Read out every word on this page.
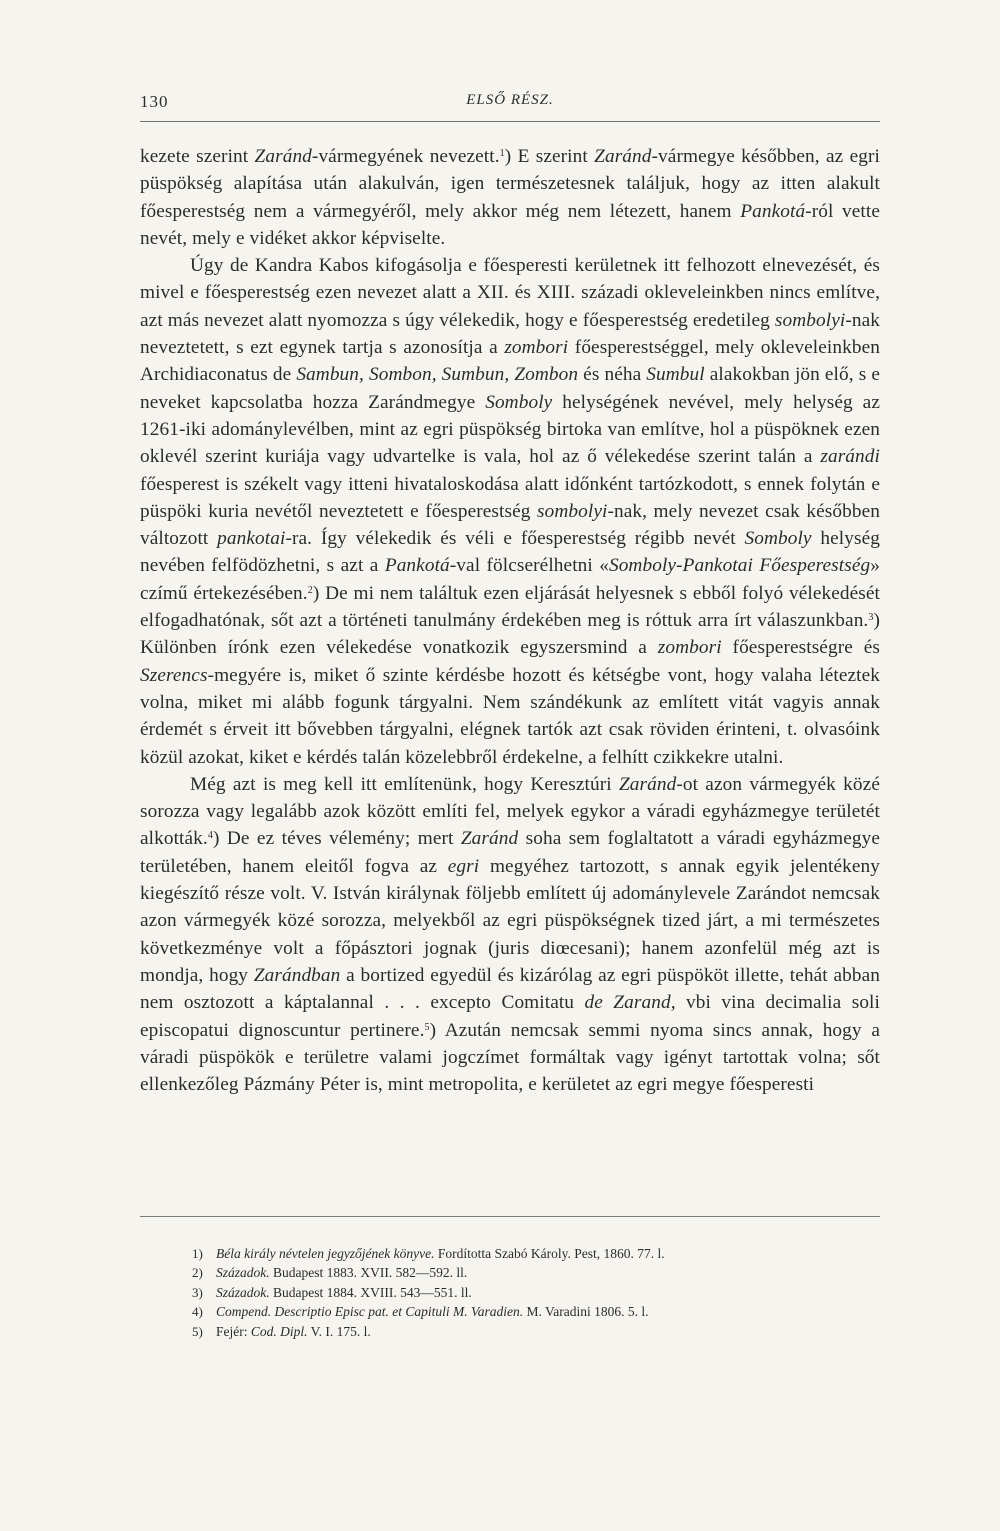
130	ELSŐ RÉSZ.

kezete szerint Zaránd-vármegyének nevezett.$^1$) E szerint Zaránd-vármegye későbben, az egri püspökség alapítása után alakulván, igen természetesnek találjuk, hogy az itten alakult főesperestség nem a vármegyéről, mely akkor még nem létezett, hanem Pankotá-ról vette nevét, mely e vidéket akkor képviselte.

Úgy de Kandra Kabos kifogásolja e főesperesti kerületnek itt felhozott elnevezését, és mivel e főesperestség ezen nevezet alatt a XII. és XIII. századi okleveleinkben nincs említve, azt más nevezet alatt nyomozza s úgy vélekedik, hogy e főesperestség eredetileg sombolyi-nak neveztetett, s ezt egynek tartja s azonosítja a zombori főesperestséggel, mely okleveleinkben Archidiaconatus de Sambun, Sombon, Sumbun, Zombon és néha Sumbul alakokban jön elő, s e neveket kapcsolatba hozza Zarándmegye Somboly helységének nevével, mely helység az 1261-iki adománylevélben, mint az egri püspökség birtoka van említve, hol a püspöknek ezen oklevél szerint kuriája vagy udvartelke is vala, hol az ő vélekedése szerint talán a zarándi főesperest is székelt vagy itteni hivataloskodása alatt időnként tartózkodott, s ennek folytán e püspöki kuria nevétől neveztetett e főesperestség sombolyi-nak, mely nevezet csak későbben változott pankotai-ra. Így vélekedik és véli e főesperestség régibb nevét Somboly helység nevében felfödözhetni, s azt a Pankotá-val fölcserélhetni «Somboly-Pankotai Főesperestség» czímű értekezésében.$^2$) De mi nem találtuk ezen eljárását helyesnek s ebből folyó vélekedését elfogadhatónak, sőt azt a történeti tanulmány érdekében meg is róttuk arra írt válaszunkban.$^3$) Különben írónk ezen vélekedése vonatkozik egyszersmind a zombori főesperestségre és Szerencs-megyére is, miket ő szinte kérdésbe hozott és kétségbe vont, hogy valaha léteztek volna, miket mi alább fogunk tárgyalni. Nem szándékunk az említett vitát vagyis annak érdemét s érveit itt bővebben tárgyalni, elégnek tartók azt csak röviden érinteni, t. olvasóink közül azokat, kiket e kérdés talán közelebbről érdekelne, a felhítt czikkekre utalni.

Még azt is meg kell itt említenünk, hogy Keresztúri Zaránd-ot azon vármegyék közé sorozza vagy legalább azok között említi fel, melyek egykor a váradi egyházmegye területét alkották.$^4$) De ez téves vélemény; mert Zaránd soha sem foglaltatott a váradi egyházmegye területében, hanem eleitől fogva az egri megyéhez tartozott, s annak egyik jelentékeny kiegészítő része volt. V. István királynak följebb említett új adománylevele Zarándot nemcsak azon vármegyék közé sorozza, melyekből az egri püspökségnek tized járt, a mi természetes következménye volt a főpásztori jognak (juris diœcesani); hanem azonfelül még azt is mondja, hogy Zarándban a bortized egyedül és kizárólag az egri püspököt illette, tehát abban nem osztozott a káptalannal . . . excepto Comitatu de Zarand, vbi vina decimalia soli episcopatui dignoscuntur pertinere.$^5$) Azután nemcsak semmi nyoma sincs annak, hogy a váradi püspökök e területre valami jogczímet formáltak vagy igényt tartottak volna; sőt ellenkezőleg Pázmány Péter is, mint metropolita, e kerületet az egri megye főesperesti

1) Béla király névtelen jegyzőjének könyve. Fordította Szabó Károly. Pest, 1860. 77. l.
2) Századok. Budapest 1883. XVII. 582—592. ll.
3) Századok. Budapest 1884. XVIII. 543—551. ll.
4) Compend. Descriptio Episc pat. et Capituli M. Varadien. M. Varadini 1806. 5. l.
5) Fejér: Cod. Dipl. V. I. 175. l.
